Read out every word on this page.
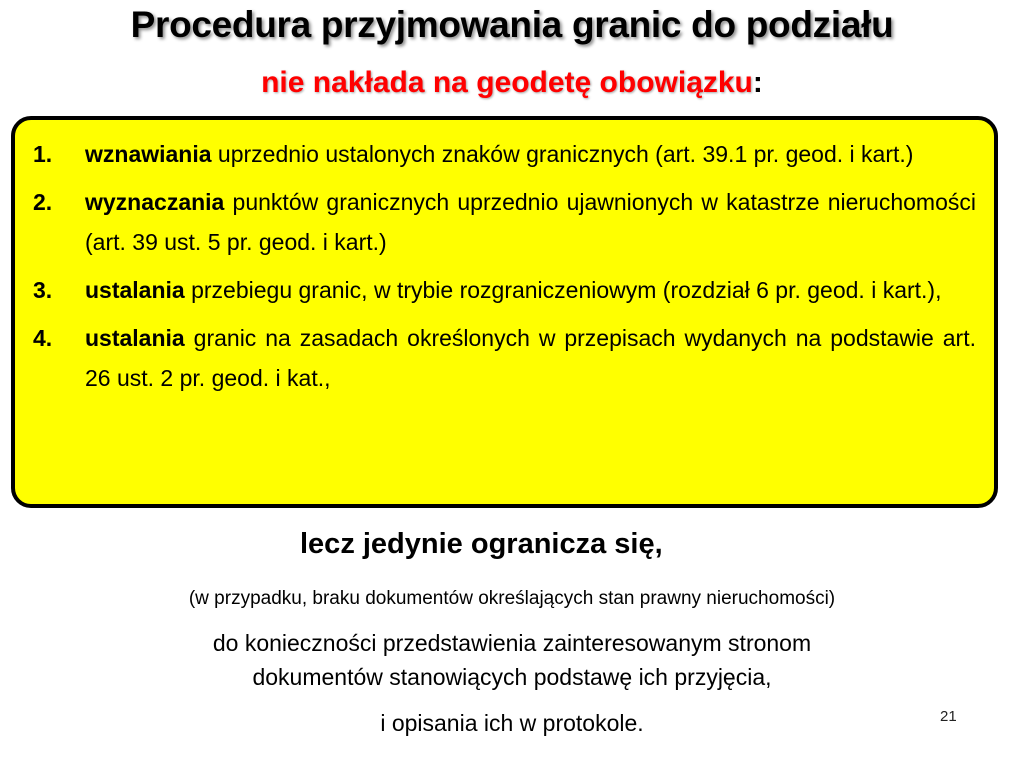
Procedura przyjmowania granic do podziału
nie nakłada na geodetę obowiązku:
1.	wznawiania uprzednio ustalonych znaków granicznych (art. 39.1 pr. geod. i kart.)
2.	wyznaczania punktów granicznych uprzednio ujawnionych w katastrze nieruchomości (art. 39 ust. 5 pr. geod. i kart.)
3.	ustalania przebiegu granic, w trybie rozgraniczeniowym (rozdział 6 pr. geod. i kart.),
4.	ustalania granic na zasadach określonych w przepisach wydanych na podstawie art. 26 ust. 2 pr. geod. i kat.,
lecz jedynie ogranicza się,
(w przypadku, braku dokumentów określających stan prawny nieruchomości)
do konieczności przedstawienia zainteresowanym stronom
dokumentów stanowiących podstawę ich przyjęcia,
i opisania ich w protokole.	21
